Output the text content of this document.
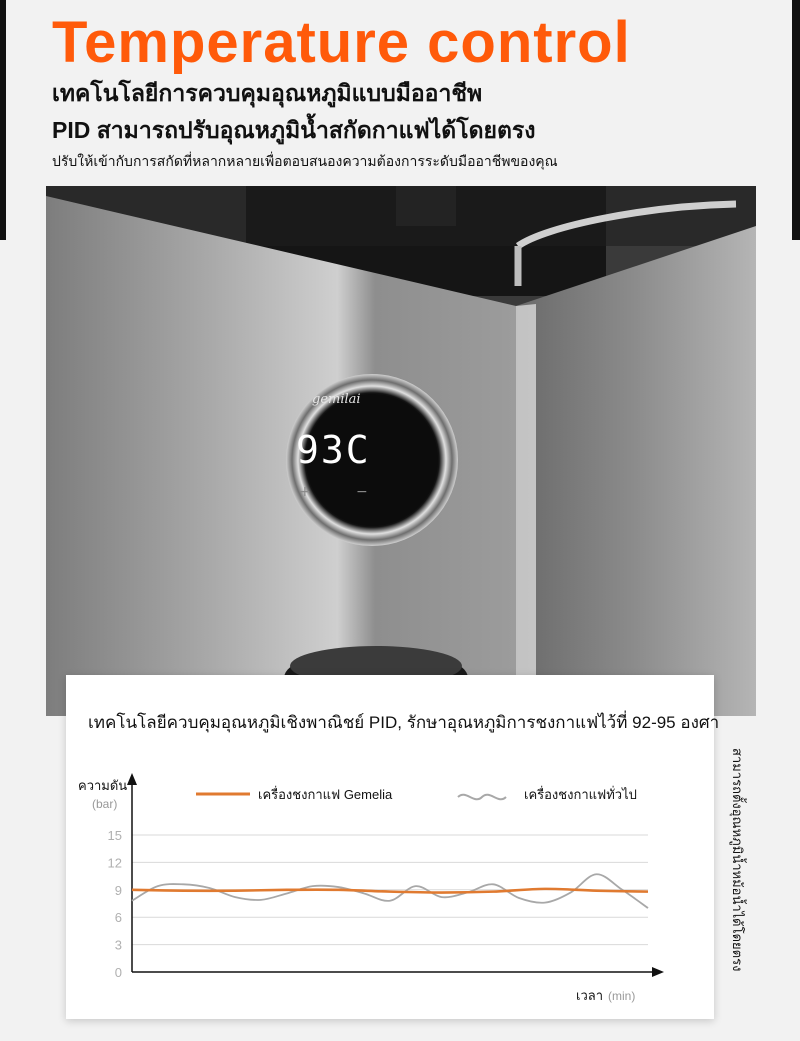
Temperature control
เทคโนโลยีการควบคุมอุณหภูมิแบบมืออาชีพ
PID สามารถปรับอุณหภูมิน้ำสกัดกาแฟได้โดยตรง
ปรับให้เข้ากับการสกัดที่หลากหลายเพื่อตอบสนองความต้องการระดับมืออาชีพของคุณ
gemilai
93C
+	−
เทคโนโลยีควบคุมอุณหภูมิเชิงพาณิชย์ PID, รักษาอุณหภูมิการชงกาแฟไว้ที่ 92-95 องศา
15
12
9
6
3
0
ความดัน
(bar)
เวลา (min)
เครื่องชงกาแฟ Gemelia	เครื่องชงกาแฟทั่วไป	สามารถตั้งอุณหภูมิน้ำหม้อน้ำได้โดยตรง
